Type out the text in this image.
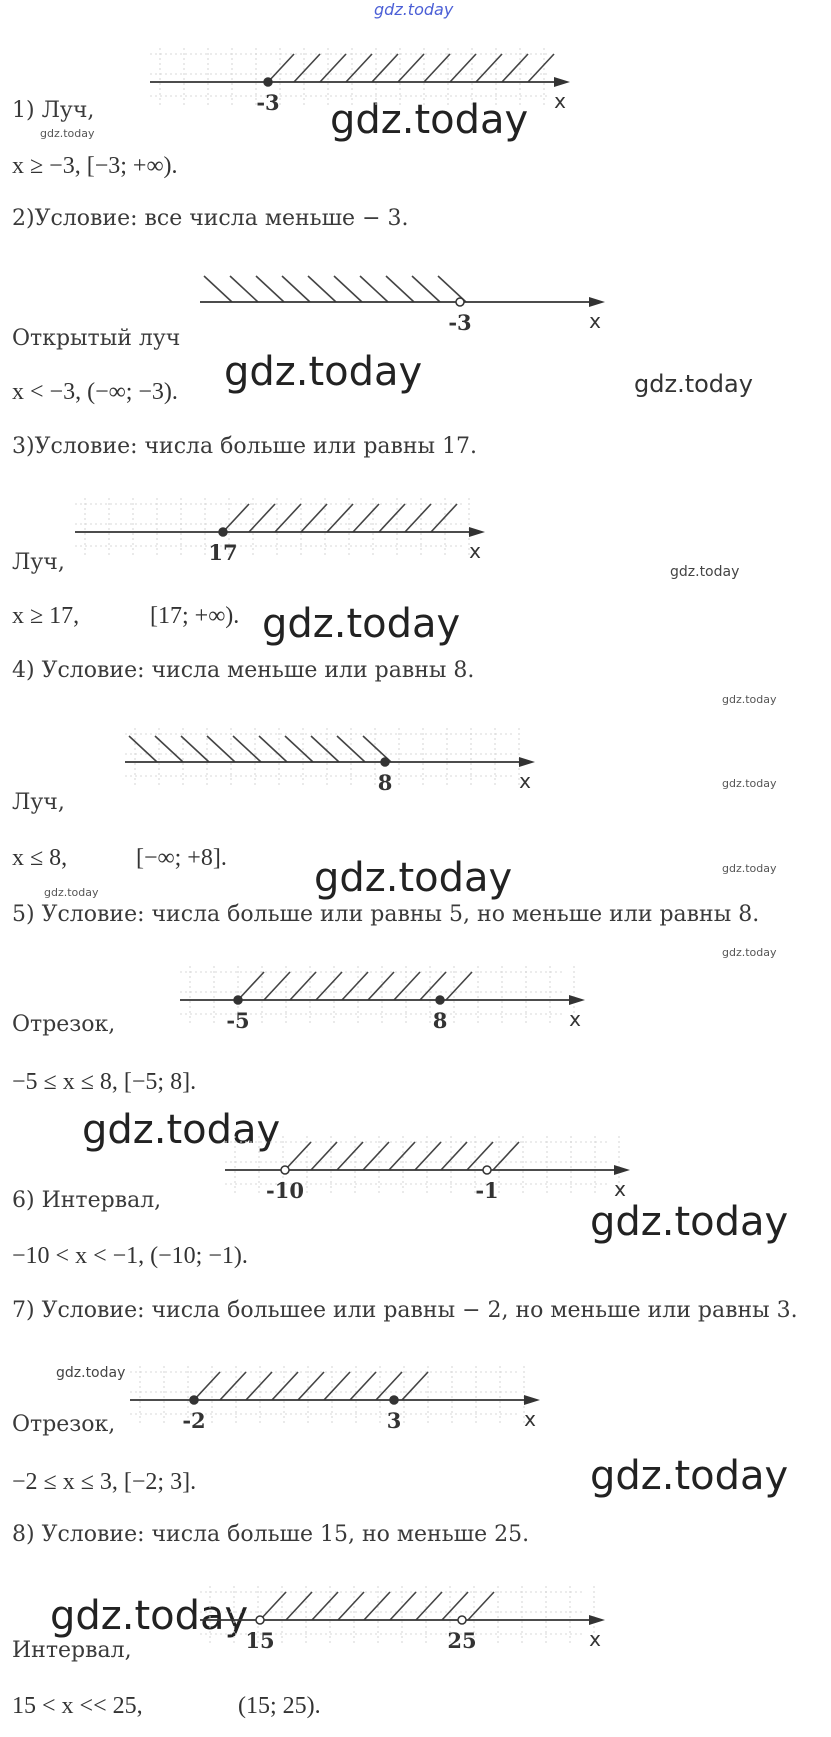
gdz.today
gdz.today	gdz.today
gdz.today	gdz.today
gdz.today
gdz.today
gdz.today
gdz.today
gdz.today
gdz.today
gdz.today
gdz.today
gdz.today
gdz.today
gdz.today
gdz.today
gdz.today
1) Луч,
x ≥ −3, [−3; +∞).
x
-3
2)Условие: все числа меньше − 3.
x
-3
Открытый луч
x < −3, (−∞; −3).
3)Условие: числа больше или равны 17.
x
17
Луч,
x ≥ 17,	[17; +∞).
4) Условие: числа меньше или равны 8.
x
8
Луч,
x ≤ 8,	[−∞; +8].
5) Условие: числа больше или равны 5, но меньше или равны 8.
x
-5	8
Отрезок,
−5 ≤ x ≤ 8, [−5; 8].
x
-10	-1
6) Интервал,
−10 < x < −1, (−10; −1).
7) Условие: числа большее или равны − 2, но меньше или равны 3.
x
-2	3
Отрезок,
−2 ≤ x ≤ 3, [−2; 3].
8) Условие: числа больше 15, но меньше 25.
x
15	25
Интервал,
15 < x << 25,	(15; 25).
